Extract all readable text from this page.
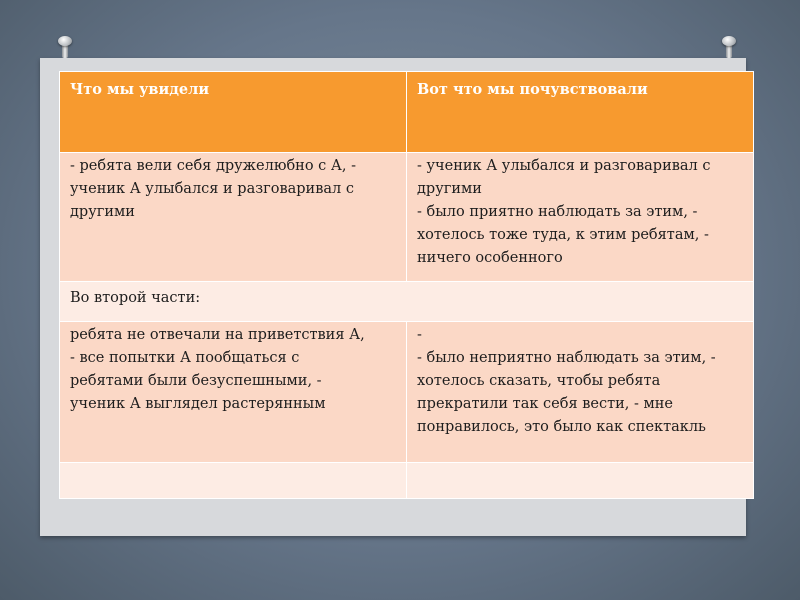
Что мы увидели	Вот что мы почувствовали

- ребята вели себя дружелюбно с А, -
ученик А улыбался и разговаривал с
другими	- ученик А улыбался и разговаривал с
другими
- было приятно наблюдать за этим, -
хотелось тоже туда, к этим ребятам, -
ничего особенного

Во второй части:	

ребята не отвечали на приветствия А,
- все попытки А пообщаться с
ребятами были безуспешными, -
ученик А выглядел растерянным	-
- было неприятно наблюдать за этим, -
хотелось сказать, чтобы ребята
прекратили так себя вести, - мне
понравилось, это было как спектакль
